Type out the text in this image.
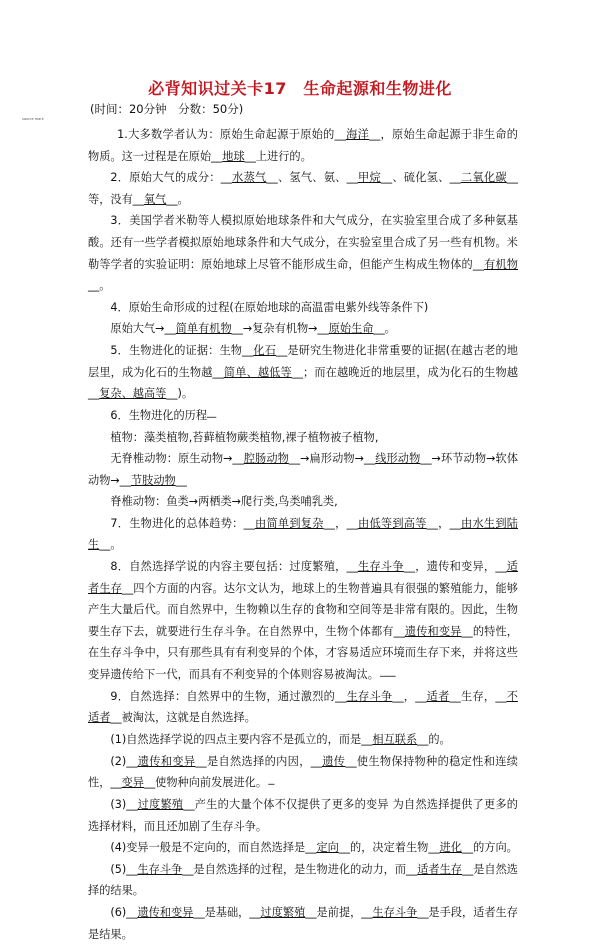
必背知识过关卡17　生命起源和生物进化
(时间：20分钟　分数：50分)
source mark

1.大多数学者认为：原始生命起源于原始的__海洋__，原始生命起源于非生命的物质。这一过程是在原始__地球__上进行的。

2．原始大气的成分：__水蒸气__、氢气、氨、__甲烷__、硫化氢、__二氧化碳__等，没有__氧气__。

3．美国学者米勒等人模拟原始地球条件和大气成分，在实验室里合成了多种氨基酸。还有一些学者模拟原始地球条件和大气成分，在实验室里合成了另一些有机物。米勒等学者的实验证明：原始地球上尽管不能形成生命，但能产生构成生物体的__有机物__。

4．原始生命形成的过程(在原始地球的高温雷电紫外线等条件下)

原始大气→__简单有机物__→复杂有机物→__原始生命__。

5．生物进化的证据：生物__化石__是研究生物进化非常重要的证据(在越古老的地层里，成为化石的生物越__简单、越低等__；而在越晚近的地层里，成为化石的生物越__复杂、越高等__)。

6．生物进化的历程▂▂▂

植物：藻类植物,苔藓植物蕨类植物,裸子植物被子植物,

无脊椎动物：原生动物→__腔肠动物__→扁形动物→__线形动物__→环节动物→软体动物→__节肢动物__

脊椎动物：鱼类→两栖类→爬行类,鸟类哺乳类,

7．生物进化的总体趋势：__由简单到复杂__，__由低等到高等__，__由水生到陆生__。

8．自然选择学说的内容主要包括：过度繁殖，__生存斗争__，遗传和变异，__适者生存__四个方面的内容。达尔文认为，地球上的生物普遍具有很强的繁殖能力，能够产生大量后代。而自然界中，生物赖以生存的食物和空间等是非常有限的。因此，生物要生存下去，就要进行生存斗争。在自然界中，生物个体都有__遗传和变异__的特性，在生存斗争中，只有那些具有有利变异的个体，才容易适应环境而生存下来，并将这些变异遗传给下一代，而具有不利变异的个体则容易被淘汰。 ▂▂▂▂▂

9．自然选择：自然界中的生物，通过激烈的__生存斗争__，__适者__生存，__不适者__被淘汰，这就是自然选择。

(1)自然选择学说的四点主要内容不是孤立的，而是__相互联系__的。

(2)__遗传和变异__是自然选择的内因，__遗传__使生物保持物种的稳定性和连续性，__变异__使物种向前发展进化。 ▂▂

(3)__过度繁殖__产生的大量个体不仅提供了更多的变异 为自然选择提供了更多的选择材料，而且还加剧了生存斗争。

(4)变异一般是不定向的，而自然选择是__定向__的，决定着生物__进化__的方向。

(5)__生存斗争__是自然选择的过程，是生物进化的动力，而__适者生存__是自然选择的结果。

(6)__遗传和变异__是基础，__过度繁殖__是前提，__生存斗争__是手段，适者生存是结果。
